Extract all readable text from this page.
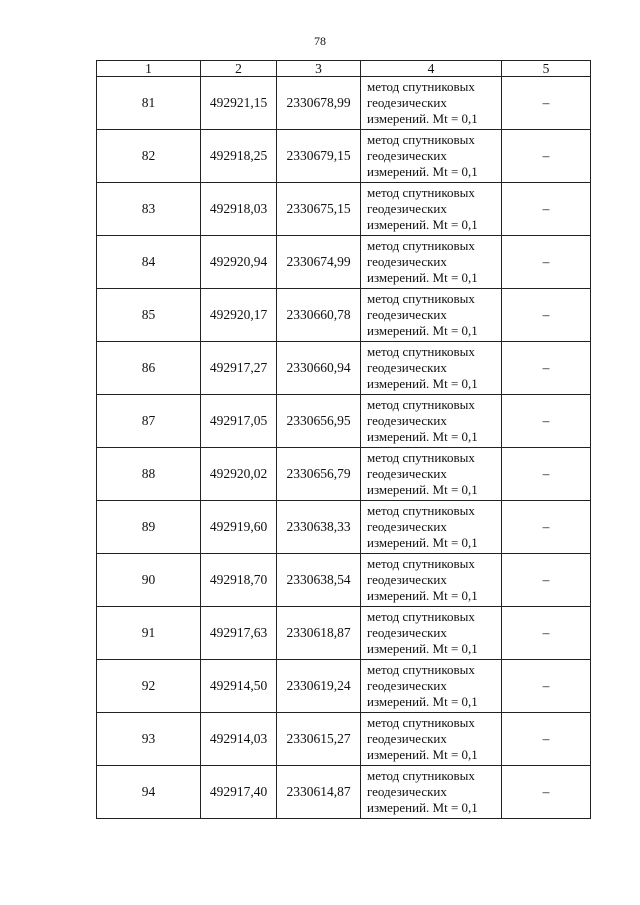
78
1	2	3	4	5
81	492921,15	2330678,99	метод спутниковых
геодезических
измерений. Mt = 0,1	–
82	492918,25	2330679,15	метод спутниковых
геодезических
измерений. Mt = 0,1	–
83	492918,03	2330675,15	метод спутниковых
геодезических
измерений. Mt = 0,1	–
84	492920,94	2330674,99	метод спутниковых
геодезических
измерений. Mt = 0,1	–
85	492920,17	2330660,78	метод спутниковых
геодезических
измерений. Mt = 0,1	–
86	492917,27	2330660,94	метод спутниковых
геодезических
измерений. Mt = 0,1	–
87	492917,05	2330656,95	метод спутниковых
геодезических
измерений. Mt = 0,1	–
88	492920,02	2330656,79	метод спутниковых
геодезических
измерений. Mt = 0,1	–
89	492919,60	2330638,33	метод спутниковых
геодезических
измерений. Mt = 0,1	–
90	492918,70	2330638,54	метод спутниковых
геодезических
измерений. Mt = 0,1	–
91	492917,63	2330618,87	метод спутниковых
геодезических
измерений. Mt = 0,1	–
92	492914,50	2330619,24	метод спутниковых
геодезических
измерений. Mt = 0,1	–
93	492914,03	2330615,27	метод спутниковых
геодезических
измерений. Mt = 0,1	–
94	492917,40	2330614,87	метод спутниковых
геодезических
измерений. Mt = 0,1	–
